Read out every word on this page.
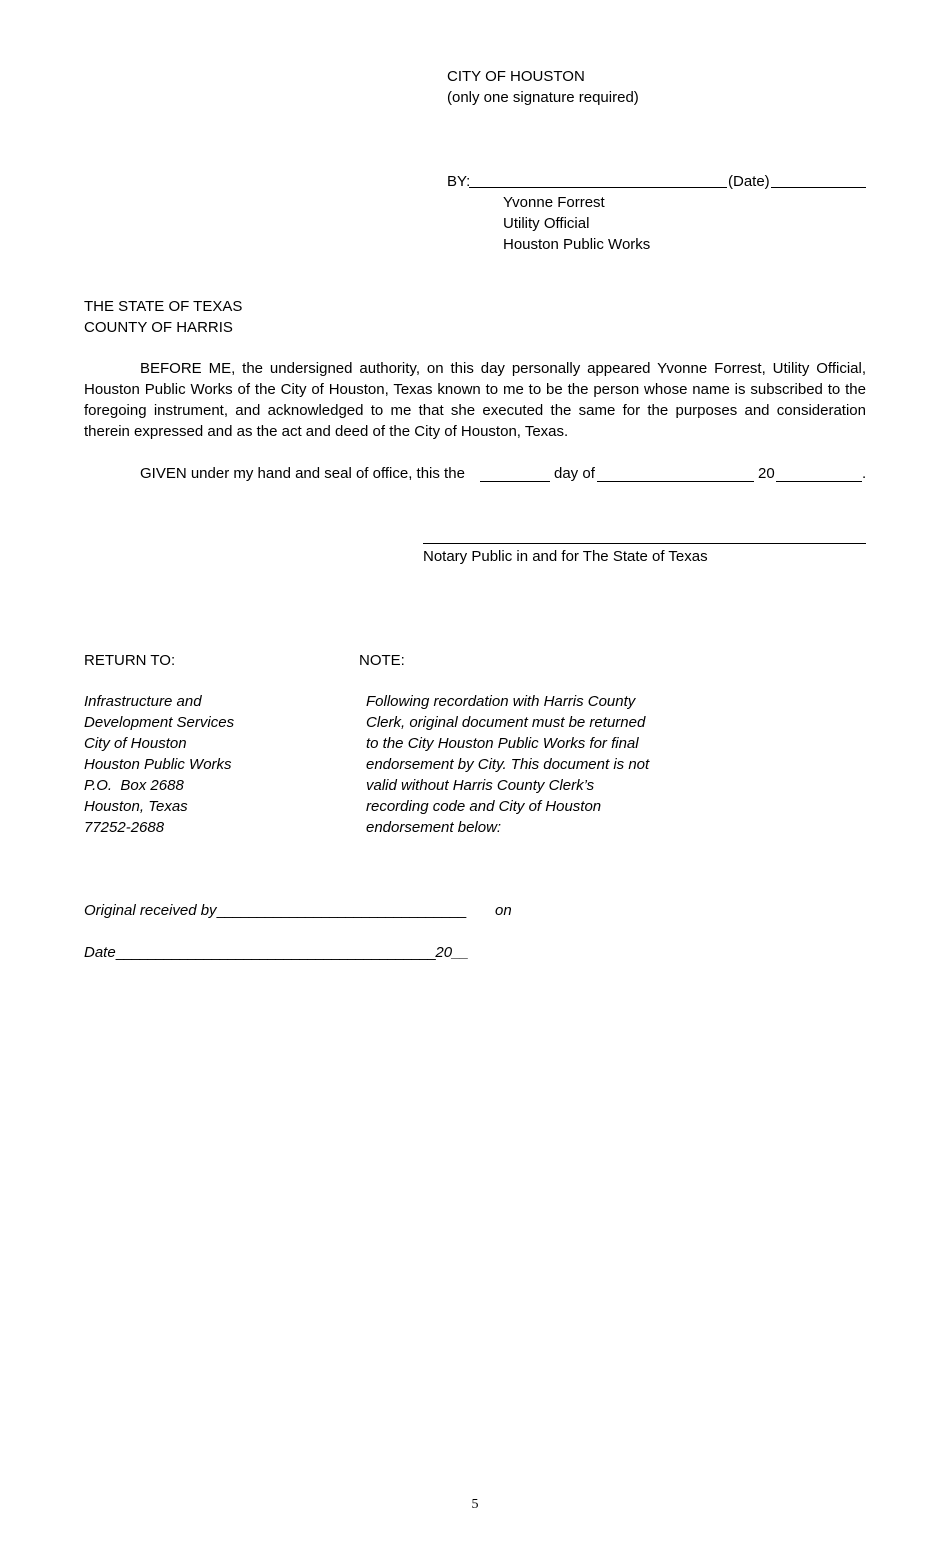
CITY OF HOUSTON
(only one signature required)
BY:	(Date)
Yvonne Forrest
Utility Official
Houston Public Works
THE STATE OF TEXAS
COUNTY OF HARRIS
BEFORE ME, the undersigned authority, on this day personally appeared Yvonne Forrest, Utility Official, Houston Public Works of the City of Houston, Texas known to me to be the person whose name is subscribed to the foregoing instrument, and acknowledged to me that she executed the same for the purposes and consideration therein expressed and as the act and deed of the City of Houston, Texas.
GIVEN under my hand and seal of office, this the	day of	20	.
Notary Public in and for The State of Texas
RETURN TO:
Infrastructure and
Development Services
City of Houston
Houston Public Works
P.O.  Box 2688
Houston, Texas
77252-2688
NOTE:
Following recordation with Harris County
Clerk, original document must be returned
to the City Houston Public Works for final
endorsement by City. This document is not
valid without Harris County Clerk’s
recording code and City of Houston
endorsement below:
Original received by_______________________________ on
Date________________________________________20__
5
